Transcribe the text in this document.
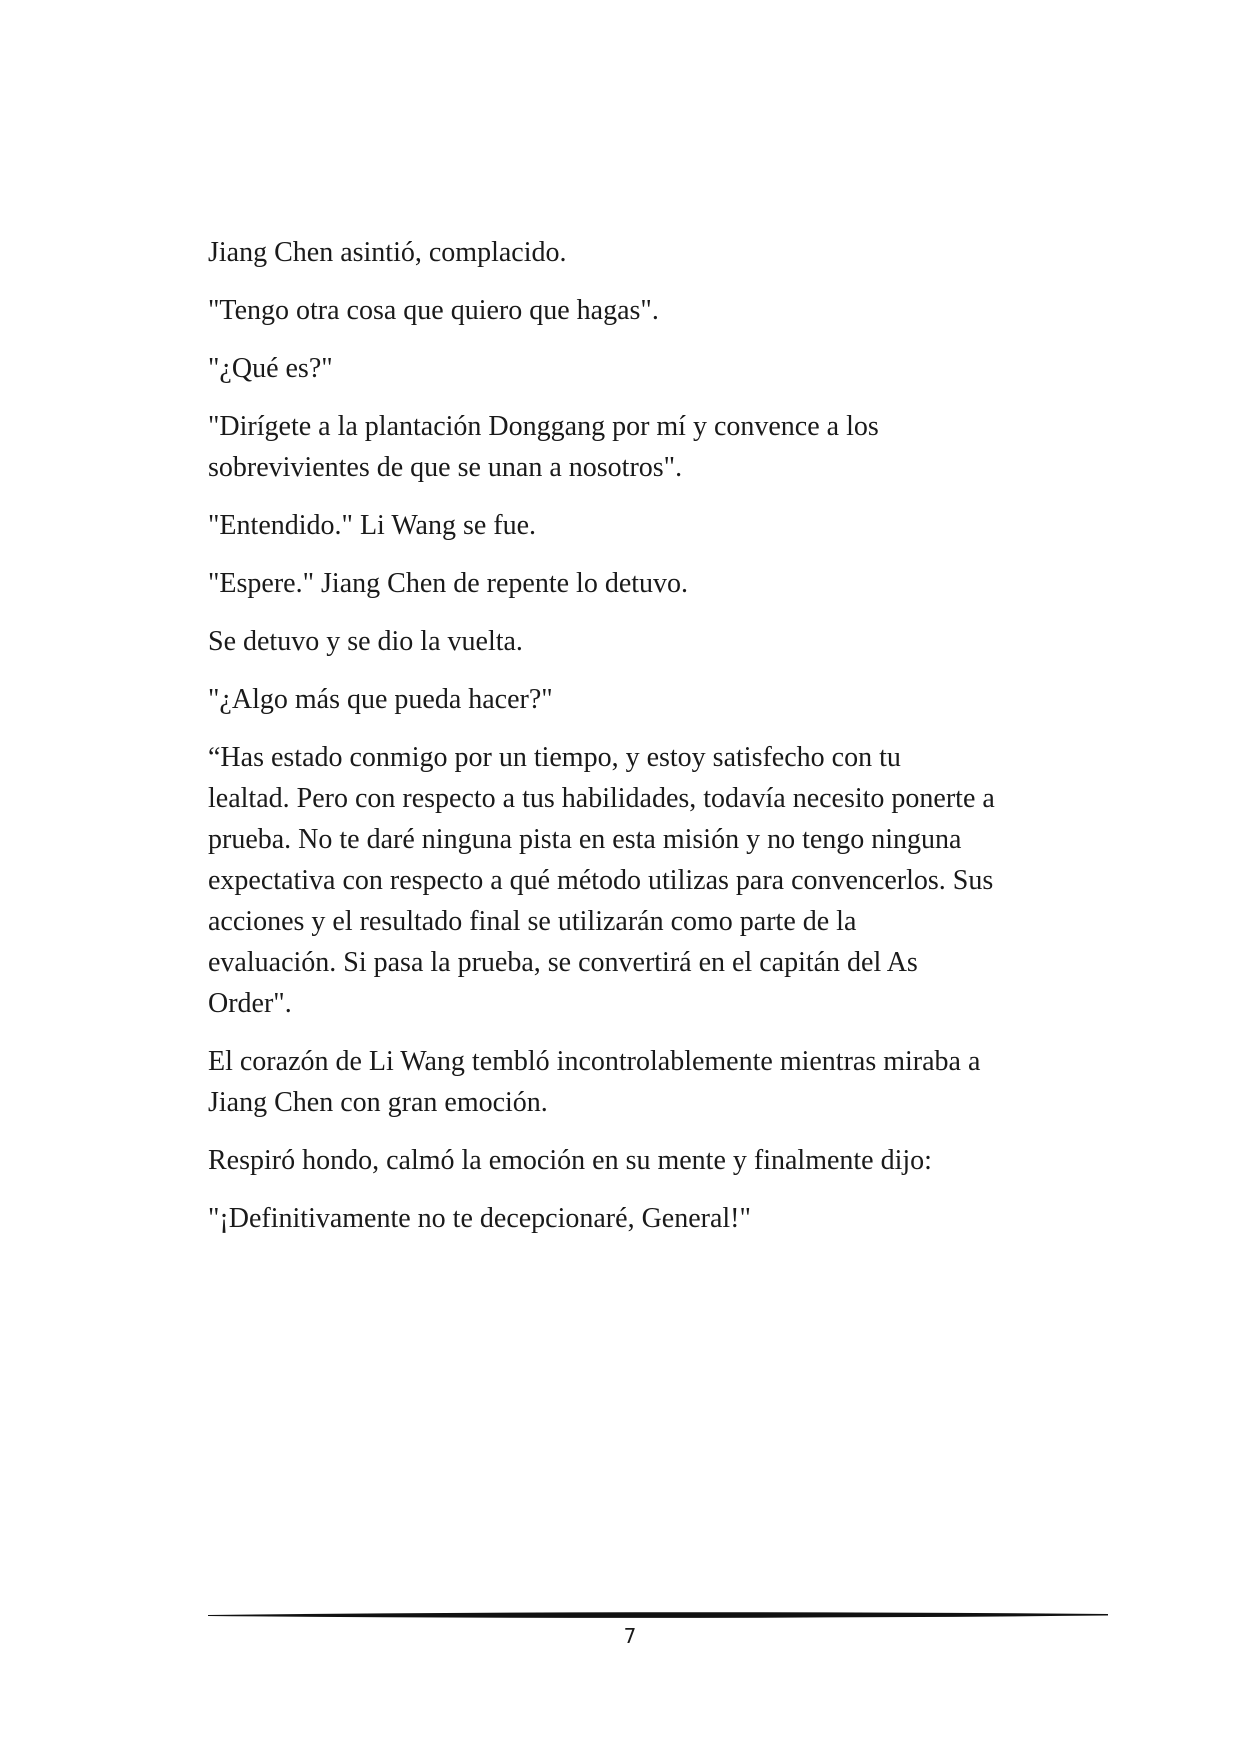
Jiang Chen asintió, complacido.

"Tengo otra cosa que quiero que hagas".

"¿Qué es?"

"Dirígete a la plantación Donggang por mí y convence a los
sobrevivientes de que se unan a nosotros".

"Entendido." Li Wang se fue.

"Espere." Jiang Chen de repente lo detuvo.

Se detuvo y se dio la vuelta.

"¿Algo más que pueda hacer?"

“Has estado conmigo por un tiempo, y estoy satisfecho con tu
lealtad. Pero con respecto a tus habilidades, todavía necesito ponerte a
prueba. No te daré ninguna pista en esta misión y no tengo ninguna
expectativa con respecto a qué método utilizas para convencerlos. Sus
acciones y el resultado final se utilizarán como parte de la
evaluación. Si pasa la prueba, se convertirá en el capitán del As
Order".

El corazón de Li Wang tembló incontrolablemente mientras miraba a
Jiang Chen con gran emoción.

Respiró hondo, calmó la emoción en su mente y finalmente dijo:

"¡Definitivamente no te decepcionaré, General!"

7
